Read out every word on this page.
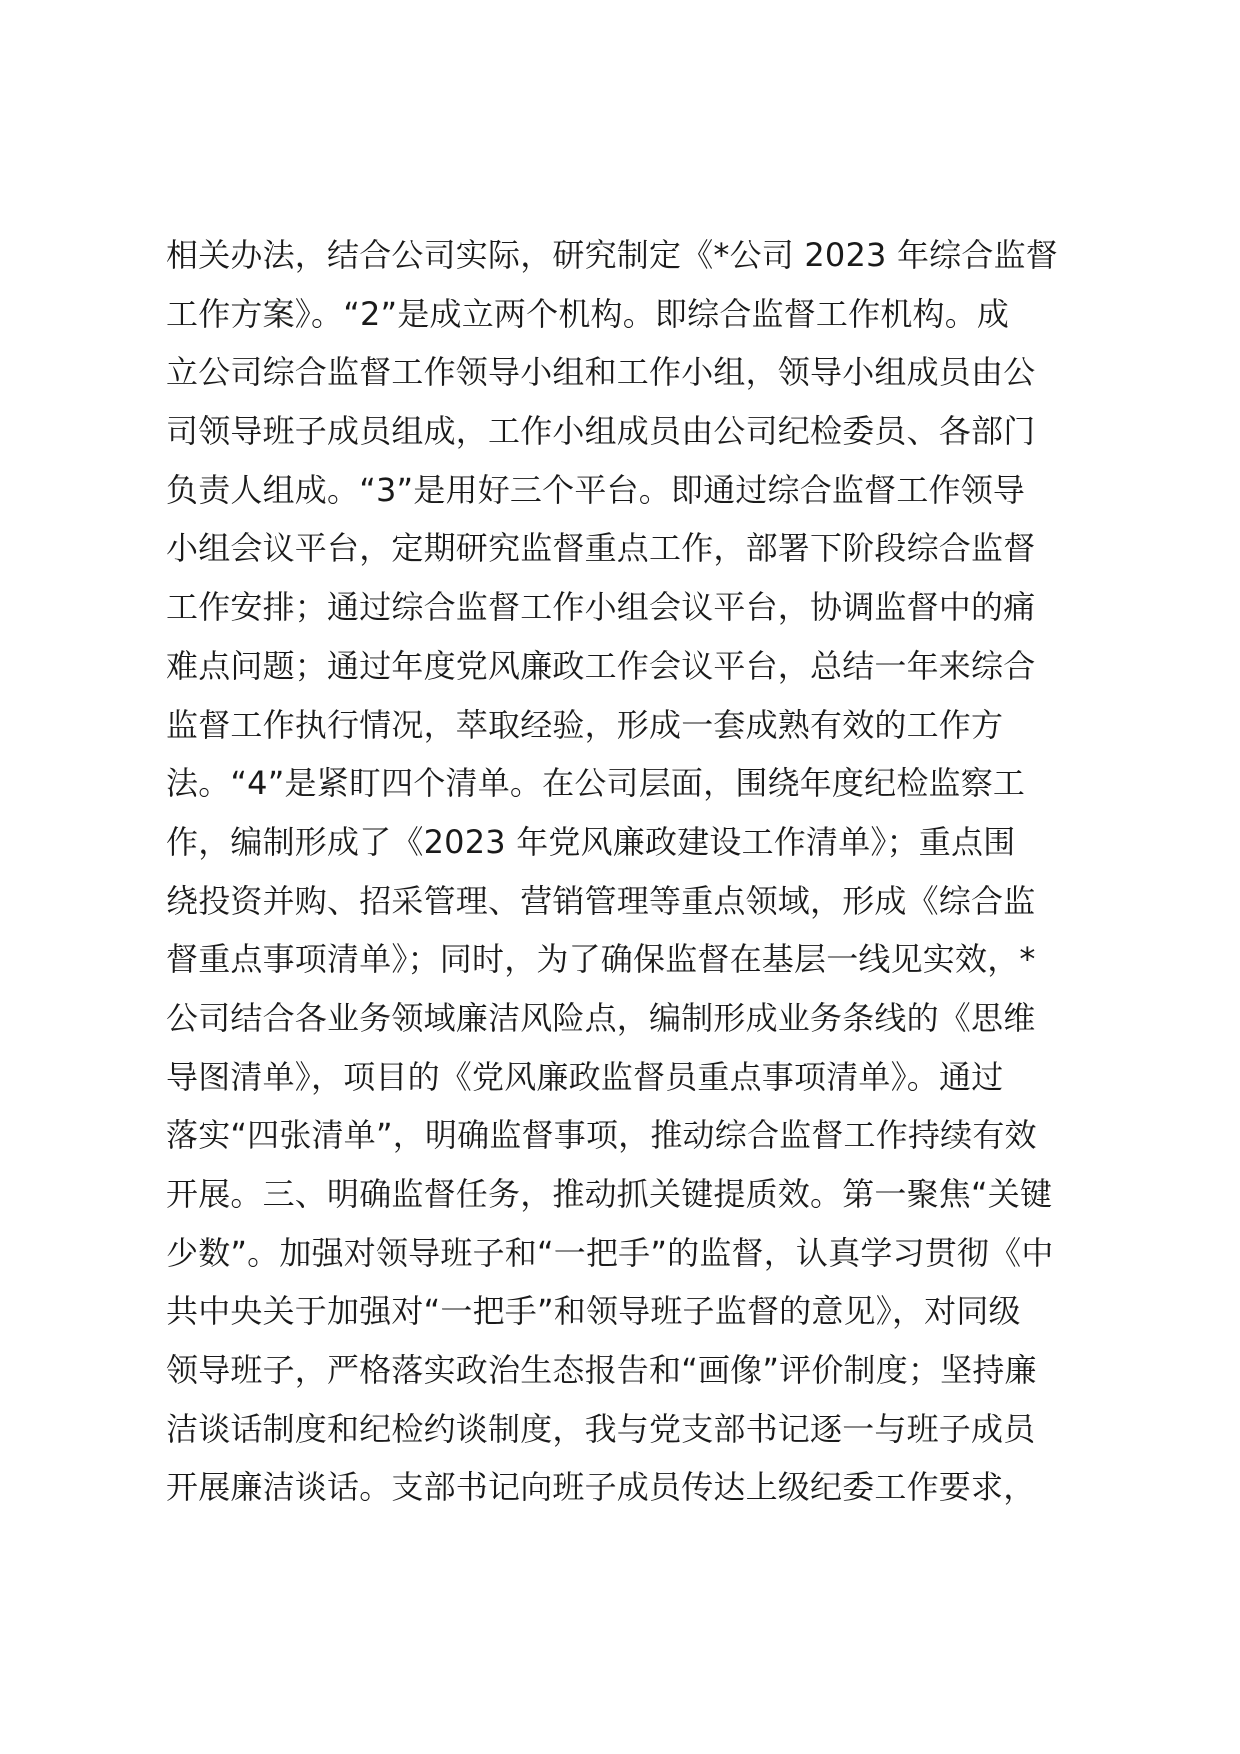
相关办法，结合公司实际，研究制定《*公司 2023 年综合监督
工作方案》。“2”是成立两个机构。即综合监督工作机构。成
立公司综合监督工作领导小组和工作小组，领导小组成员由公
司领导班子成员组成，工作小组成员由公司纪检委员、各部门
负责人组成。“3”是用好三个平台。即通过综合监督工作领导
小组会议平台，定期研究监督重点工作，部署下阶段综合监督
工作安排；通过综合监督工作小组会议平台，协调监督中的痛
难点问题；通过年度党风廉政工作会议平台，总结一年来综合
监督工作执行情况，萃取经验，形成一套成熟有效的工作方
法。“4”是紧盯四个清单。在公司层面，围绕年度纪检监察工
作，编制形成了《2023 年党风廉政建设工作清单》；重点围
绕投资并购、招采管理、营销管理等重点领域，形成《综合监
督重点事项清单》；同时，为了确保监督在基层一线见实效，*
公司结合各业务领域廉洁风险点，编制形成业务条线的《思维
导图清单》，项目的《党风廉政监督员重点事项清单》。通过
落实“四张清单”，明确监督事项，推动综合监督工作持续有效
开展。三、明确监督任务，推动抓关键提质效。第一聚焦“关键
少数”。加强对领导班子和“一把手”的监督，认真学习贯彻《中
共中央关于加强对“一把手”和领导班子监督的意见》，对同级
领导班子，严格落实政治生态报告和“画像”评价制度；坚持廉
洁谈话制度和纪检约谈制度，我与党支部书记逐一与班子成员
开展廉洁谈话。支部书记向班子成员传达上级纪委工作要求，
